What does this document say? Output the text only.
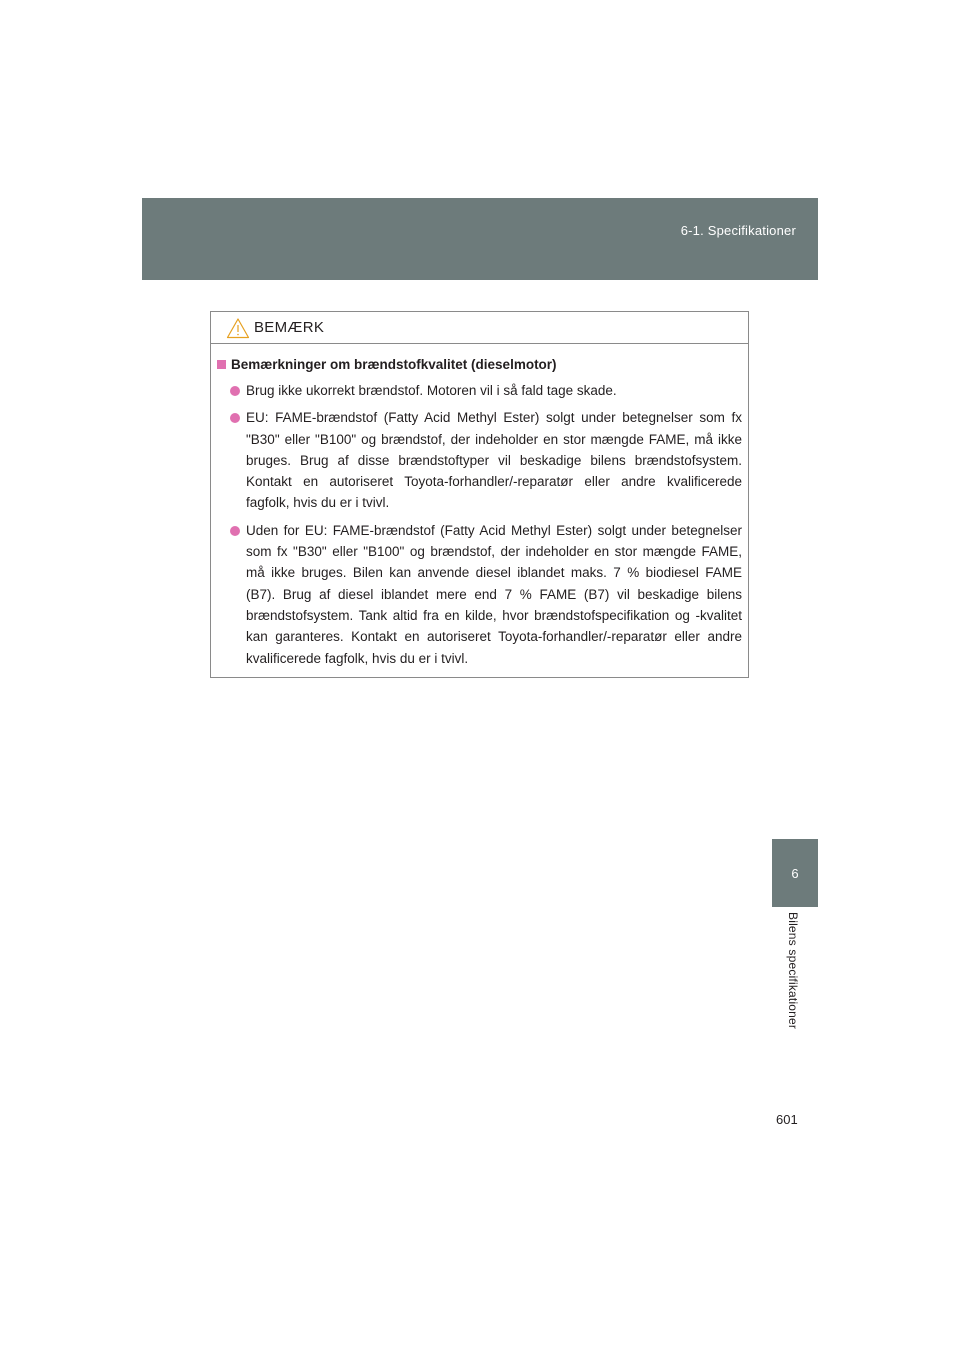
6-1. Specifikationer
6
Bilens specifikationer
601
BEMÆRK
Bemærkninger om brændstofkvalitet (dieselmotor)
Brug ikke ukorrekt brændstof. Motoren vil i så fald tage skade.
EU: FAME-brændstof (Fatty Acid Methyl Ester) solgt under betegnelser som fx "B30" eller "B100" og brændstof, der indeholder en stor mængde FAME, må ikke bruges. Brug af disse brændstoftyper vil beskadige bilens brændstofsystem. Kontakt en autoriseret Toyota-forhandler/-reparatør eller andre kvalificerede fagfolk, hvis du er i tvivl.
Uden for EU: FAME-brændstof (Fatty Acid Methyl Ester) solgt under betegnelser som fx "B30" eller "B100" og brændstof, der indeholder en stor mængde FAME, må ikke bruges. Bilen kan anvende diesel iblandet maks. 7 % biodiesel FAME (B7). Brug af diesel iblandet mere end 7 % FAME (B7) vil beskadige bilens brændstofsystem. Tank altid fra en kilde, hvor brændstofspecifikation og -kvalitet kan garanteres. Kontakt en autoriseret Toyota-forhandler/-reparatør eller andre kvalificerede fagfolk, hvis du er i tvivl.
